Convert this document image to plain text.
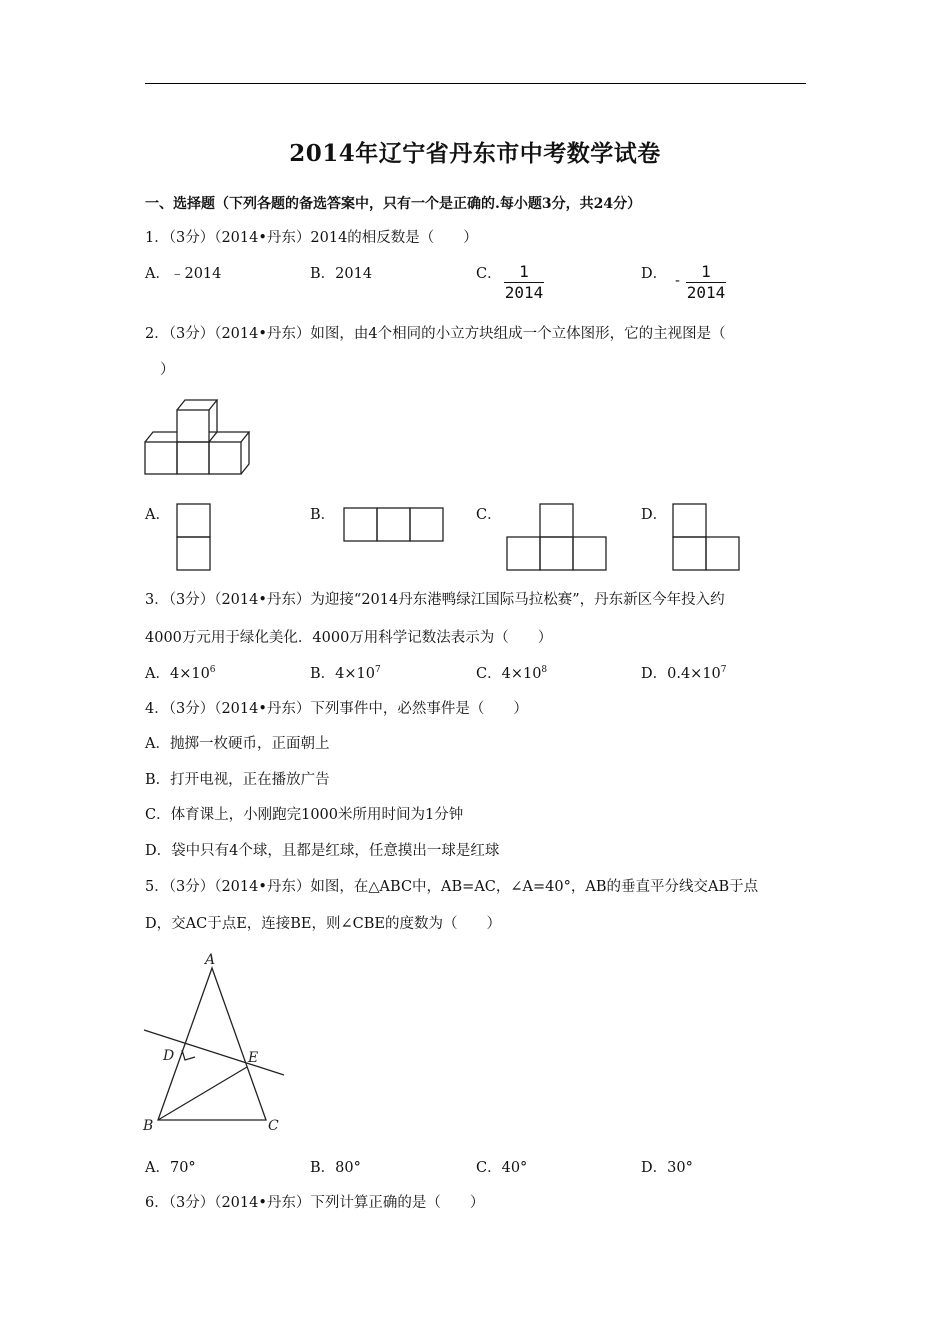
2014年辽宁省丹东市中考数学试卷
一、选择题（下列各题的备选答案中，只有一个是正确的.每小题3分，共24分）
1．（3分）（2014•丹东）2014的相反数是（　　）
A．﹣2014	B．2014	C．	1
2014
D． -	1
2014
2．（3分）（2014•丹东）如图，由4个相同的小立方块组成一个立体图形，它的主视图是（
）
A．	B．	C．	D．
3．（3分）（2014•丹东）为迎接“2014丹东港鸭绿江国际马拉松赛”，丹东新区今年投入约
4000万元用于绿化美化．4000万用科学记数法表示为（　　）
A．$4\times 10^6$	B．$4\times 10^7$	C．$4\times 10^8$	D．$0.4\times 10^7$
4．（3分）（2014•丹东）下列事件中，必然事件是（　　）
A．抛掷一枚硬币，正面朝上
B．打开电视，正在播放广告
C．体育课上，小刚跑完1000米所用时间为1分钟
D．袋中只有4个球，且都是红球，任意摸出一球是红球
5．（3分）（2014•丹东）如图，在△ABC中，AB=AC，∠A=40°，AB的垂直平分线交AB于点
D，交AC于点E，连接BE，则∠CBE的度数为（　　）
A
B	C
D	E
A．70°	B．80°	C．40°	D．30°
6．（3分）（2014•丹东）下列计算正确的是（　　）
